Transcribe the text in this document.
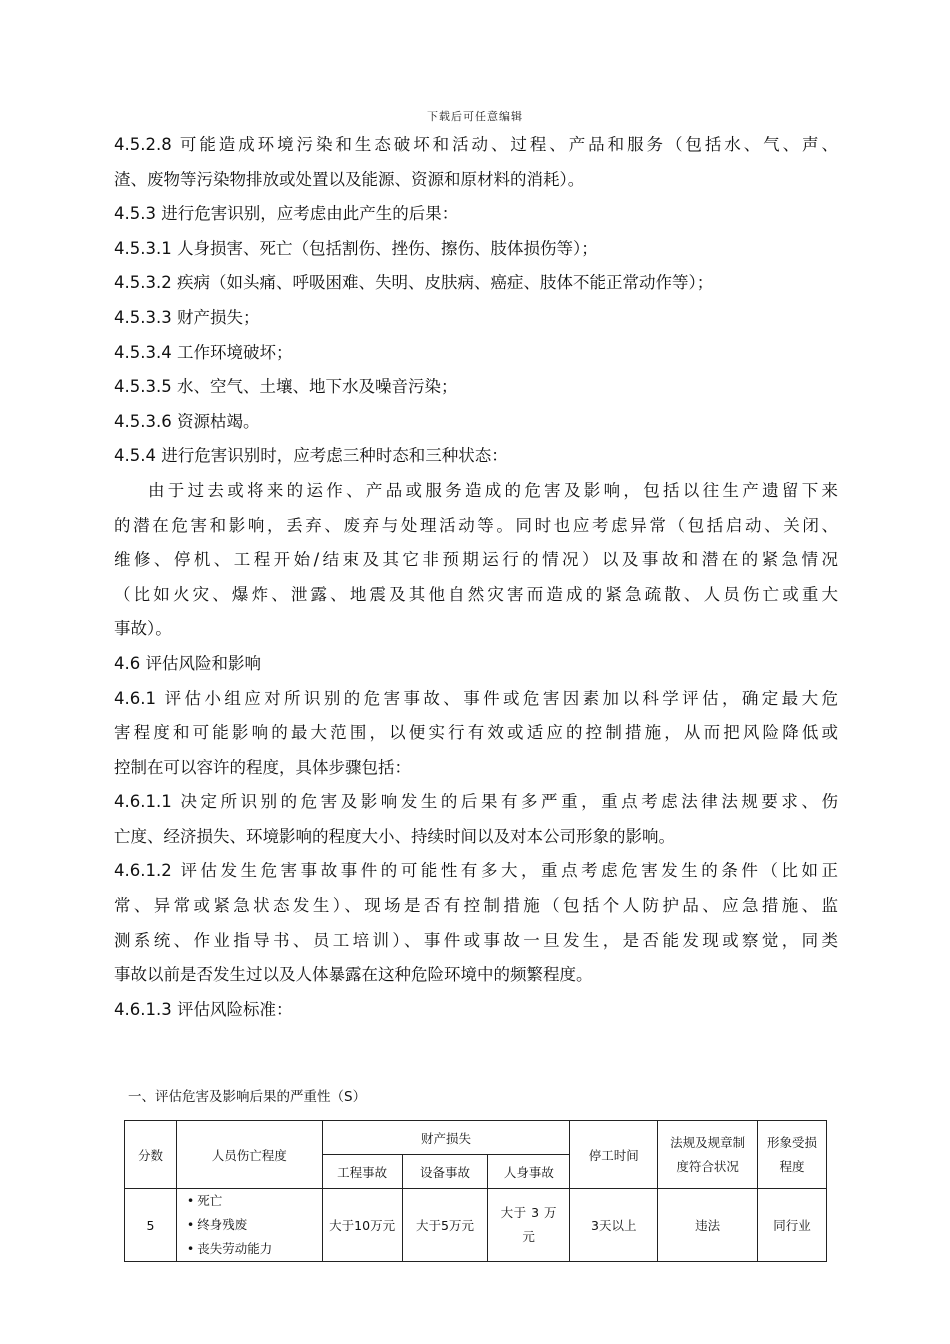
下载后可任意编辑
4.5.2.8 可能造成环境污染和生态破坏和活动、过程、产品和服务（包括水、气、声、
渣、废物等污染物排放或处置以及能源、资源和原材料的消耗）。
4.5.3 进行危害识别，应考虑由此产生的后果：
4.5.3.1 人身损害、死亡（包括割伤、挫伤、擦伤、肢体损伤等）；
4.5.3.2 疾病（如头痛、呼吸困难、失明、皮肤病、癌症、肢体不能正常动作等）；
4.5.3.3 财产损失；
4.5.3.4 工作环境破坏；
4.5.3.5 水、空气、土壤、地下水及噪音污染；
4.5.3.6 资源枯竭。
4.5.4 进行危害识别时，应考虑三种时态和三种状态：
由于过去或将来的运作、产品或服务造成的危害及影响，包括以往生产遗留下来
的潜在危害和影响，丢弃、废弃与处理活动等。同时也应考虑异常（包括启动、关闭、
维修、停机、工程开始/结束及其它非预期运行的情况）以及事故和潜在的紧急情况
（比如火灾、爆炸、泄露、地震及其他自然灾害而造成的紧急疏散、人员伤亡或重大
事故）。
4.6 评估风险和影响
4.6.1 评估小组应对所识别的危害事故、事件或危害因素加以科学评估，确定最大危
害程度和可能影响的最大范围，以便实行有效或适应的控制措施，从而把风险降低或
控制在可以容许的程度，具体步骤包括：
4.6.1.1 决定所识别的危害及影响发生的后果有多严重，重点考虑法律法规要求、伤
亡度、经济损失、环境影响的程度大小、持续时间以及对本公司形象的影响。
4.6.1.2 评估发生危害事故事件的可能性有多大，重点考虑危害发生的条件（比如正
常、异常或紧急状态发生）、现场是否有控制措施（包括个人防护品、应急措施、监
测系统、作业指导书、员工培训）、事件或事故一旦发生，是否能发现或察觉，同类
事故以前是否发生过以及人体暴露在这种危险环境中的频繁程度。
4.6.1.3 评估风险标准：
一、评估危害及影响后果的严重性（S）
分数	人员伤亡程度	财产损失			停工时间	法规及规章制度符合状况	形象受损程度
		工程事故	设备事故	人身事故			
5	• 死亡
• 终身残废
• 丧失劳动能力	大于10万元	大于5万元	大于 3 万元	3天以上	违法	同行业
